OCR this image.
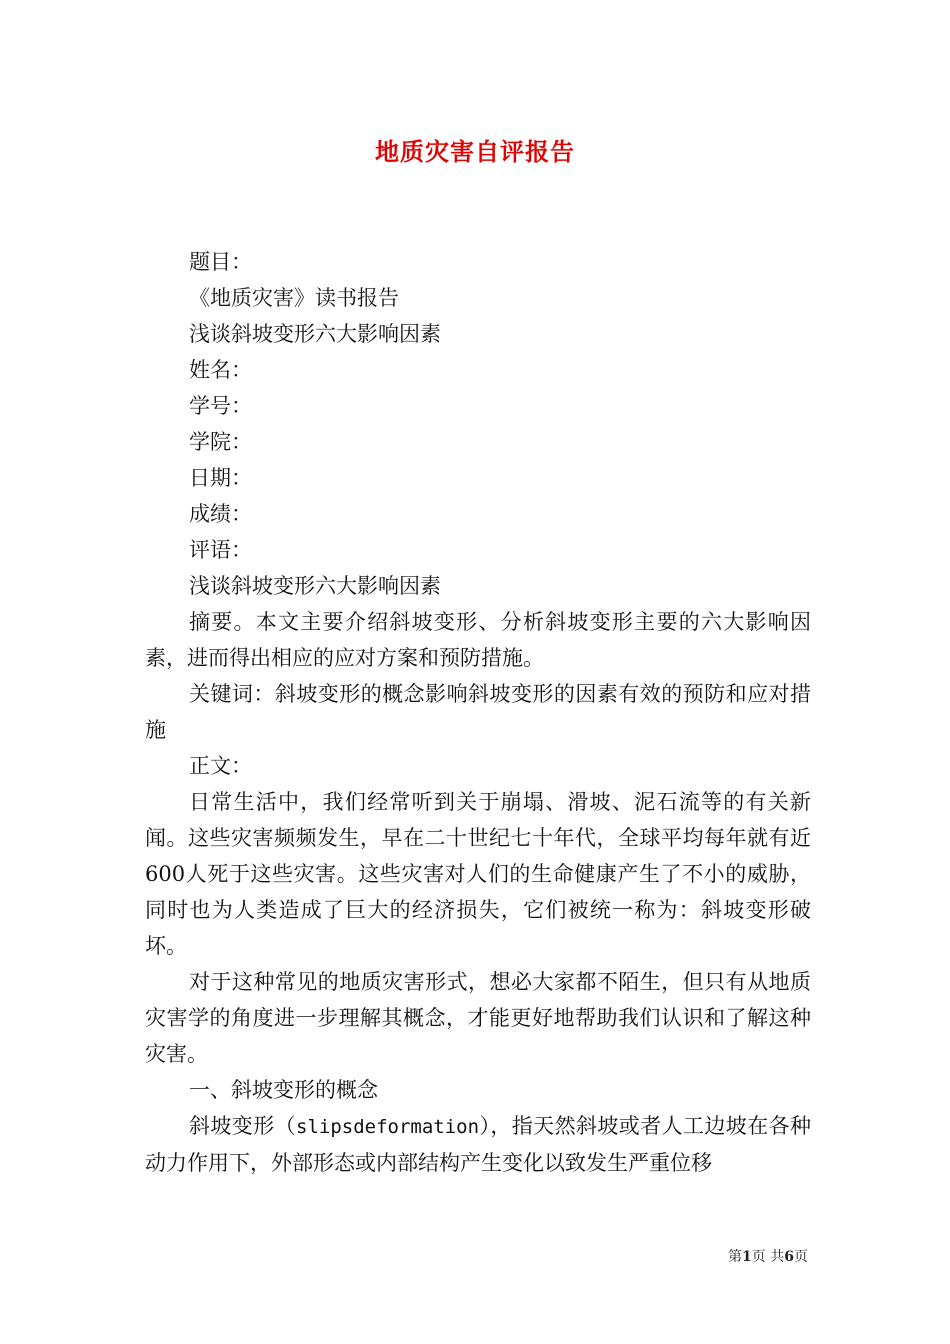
地质灾害自评报告

题目：

《地质灾害》读书报告

浅谈斜坡变形六大影响因素

姓名：

学号：

学院：

日期：

成绩：

评语：

浅谈斜坡变形六大影响因素

摘要。本文主要介绍斜坡变形、分析斜坡变形主要的六大影响因素，进而得出相应的应对方案和预防措施。

关键词：斜坡变形的概念影响斜坡变形的因素有效的预防和应对措施

正文：

日常生活中，我们经常听到关于崩塌、滑坡、泥石流等的有关新闻。这些灾害频频发生，早在二十世纪七十年代，全球平均每年就有近600人死于这些灾害。这些灾害对人们的生命健康产生了不小的威胁，同时也为人类造成了巨大的经济损失，它们被统一称为：斜坡变形破坏。

对于这种常见的地质灾害形式，想必大家都不陌生，但只有从地质灾害学的角度进一步理解其概念，才能更好地帮助我们认识和了解这种灾害。

一、斜坡变形的概念

斜坡变形（slipsdeformation），指天然斜坡或者人工边坡在各种动力作用下，外部形态或内部结构产生变化以致发生严重位移

第1页 共6页
